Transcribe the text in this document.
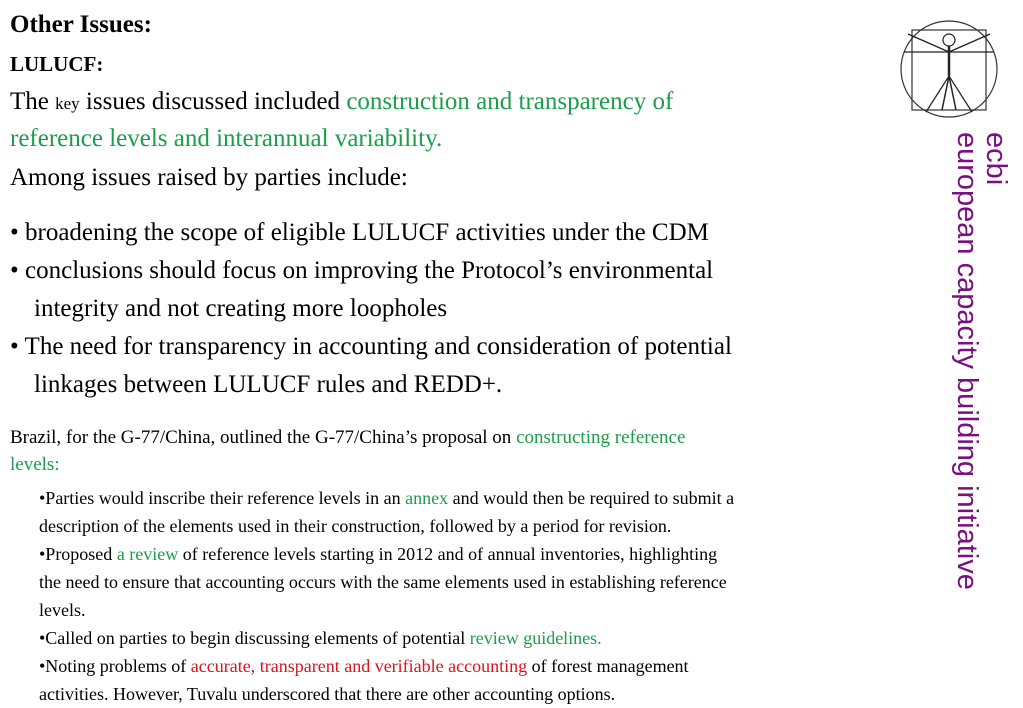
Other Issues:
LULUCF:
The key issues discussed included construction and transparency of
reference levels and interannual variability.
Among issues raised by parties include:
• broadening the scope of eligible LULUCF activities under the CDM
• conclusions should focus on improving the Protocol’s environmental
integrity and not creating more loopholes
• The need for transparency in accounting and consideration of potential
linkages between LULUCF rules and REDD+.
Brazil, for the G-77/China, outlined the G-77/China’s proposal on constructing reference
levels:
•Parties would inscribe their reference levels in an annex and would then be required to submit a
description of the elements used in their construction, followed by a period for revision.
•Proposed a review of reference levels starting in 2012 and of annual inventories, highlighting
the need to ensure that accounting occurs with the same elements used in establishing reference
levels.
•Called on parties to begin discussing elements of potential review guidelines.
•Noting problems of accurate, transparent and verifiable accounting of forest management
activities. However, Tuvalu underscored that there are other accounting options.
european capacity building initiative
ecbi
